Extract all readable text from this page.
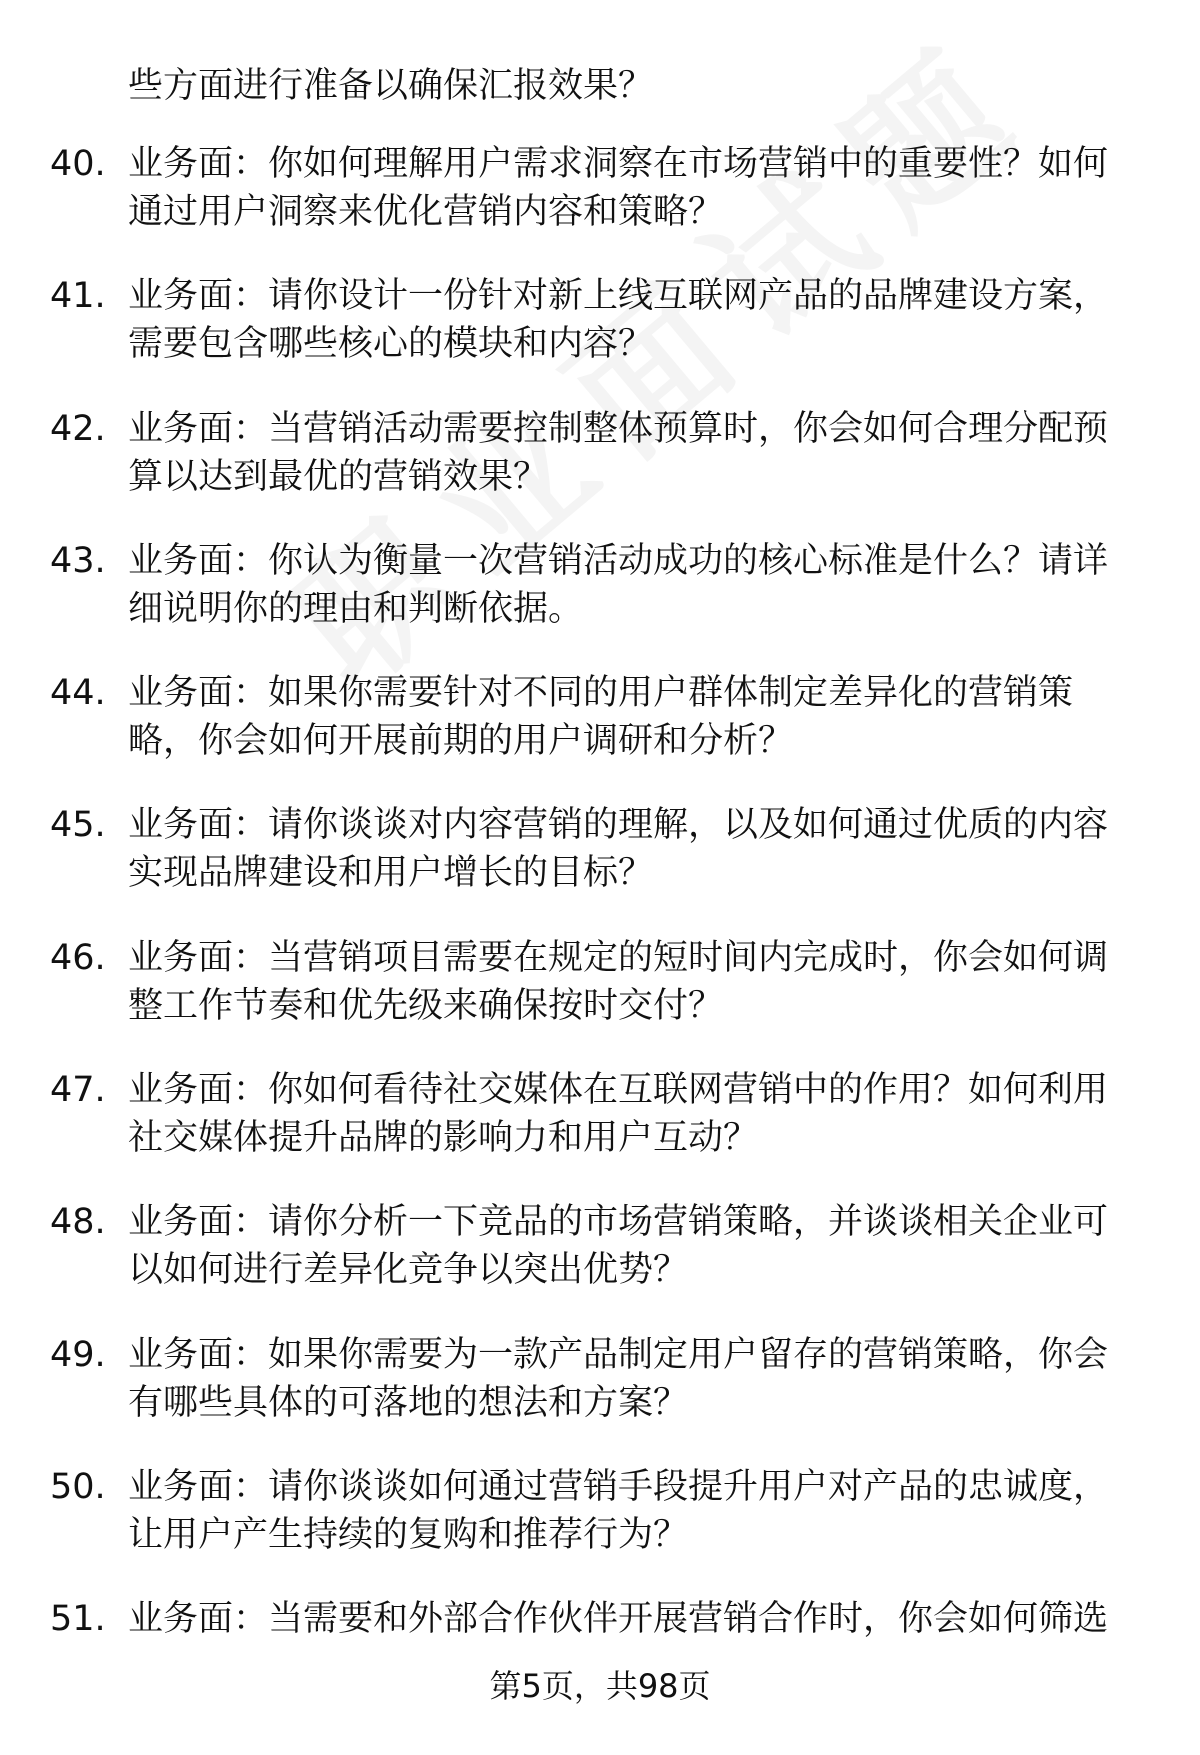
些方面进行准备以确保汇报效果？
40. 业务面：你如何理解用户需求洞察在市场营销中的重要性？如何
通过用户洞察来优化营销内容和策略？
41. 业务面：请你设计一份针对新上线互联网产品的品牌建设方案，
需要包含哪些核心的模块和内容？
42. 业务面：当营销活动需要控制整体预算时，你会如何合理分配预
算以达到最优的营销效果？
43. 业务面：你认为衡量一次营销活动成功的核心标准是什么？请详
细说明你的理由和判断依据。
44. 业务面：如果你需要针对不同的用户群体制定差异化的营销策
略，你会如何开展前期的用户调研和分析？
45. 业务面：请你谈谈对内容营销的理解，以及如何通过优质的内容
实现品牌建设和用户增长的目标？
46. 业务面：当营销项目需要在规定的短时间内完成时，你会如何调
整工作节奏和优先级来确保按时交付？
47. 业务面：你如何看待社交媒体在互联网营销中的作用？如何利用
社交媒体提升品牌的影响力和用户互动？
48. 业务面：请你分析一下竞品的市场营销策略，并谈谈相关企业可
以如何进行差异化竞争以突出优势？
49. 业务面：如果你需要为一款产品制定用户留存的营销策略，你会
有哪些具体的可落地的想法和方案？
50. 业务面：请你谈谈如何通过营销手段提升用户对产品的忠诚度，
让用户产生持续的复购和推荐行为？
51. 业务面：当需要和外部合作伙伴开展营销合作时，你会如何筛选
第5页，共98页
